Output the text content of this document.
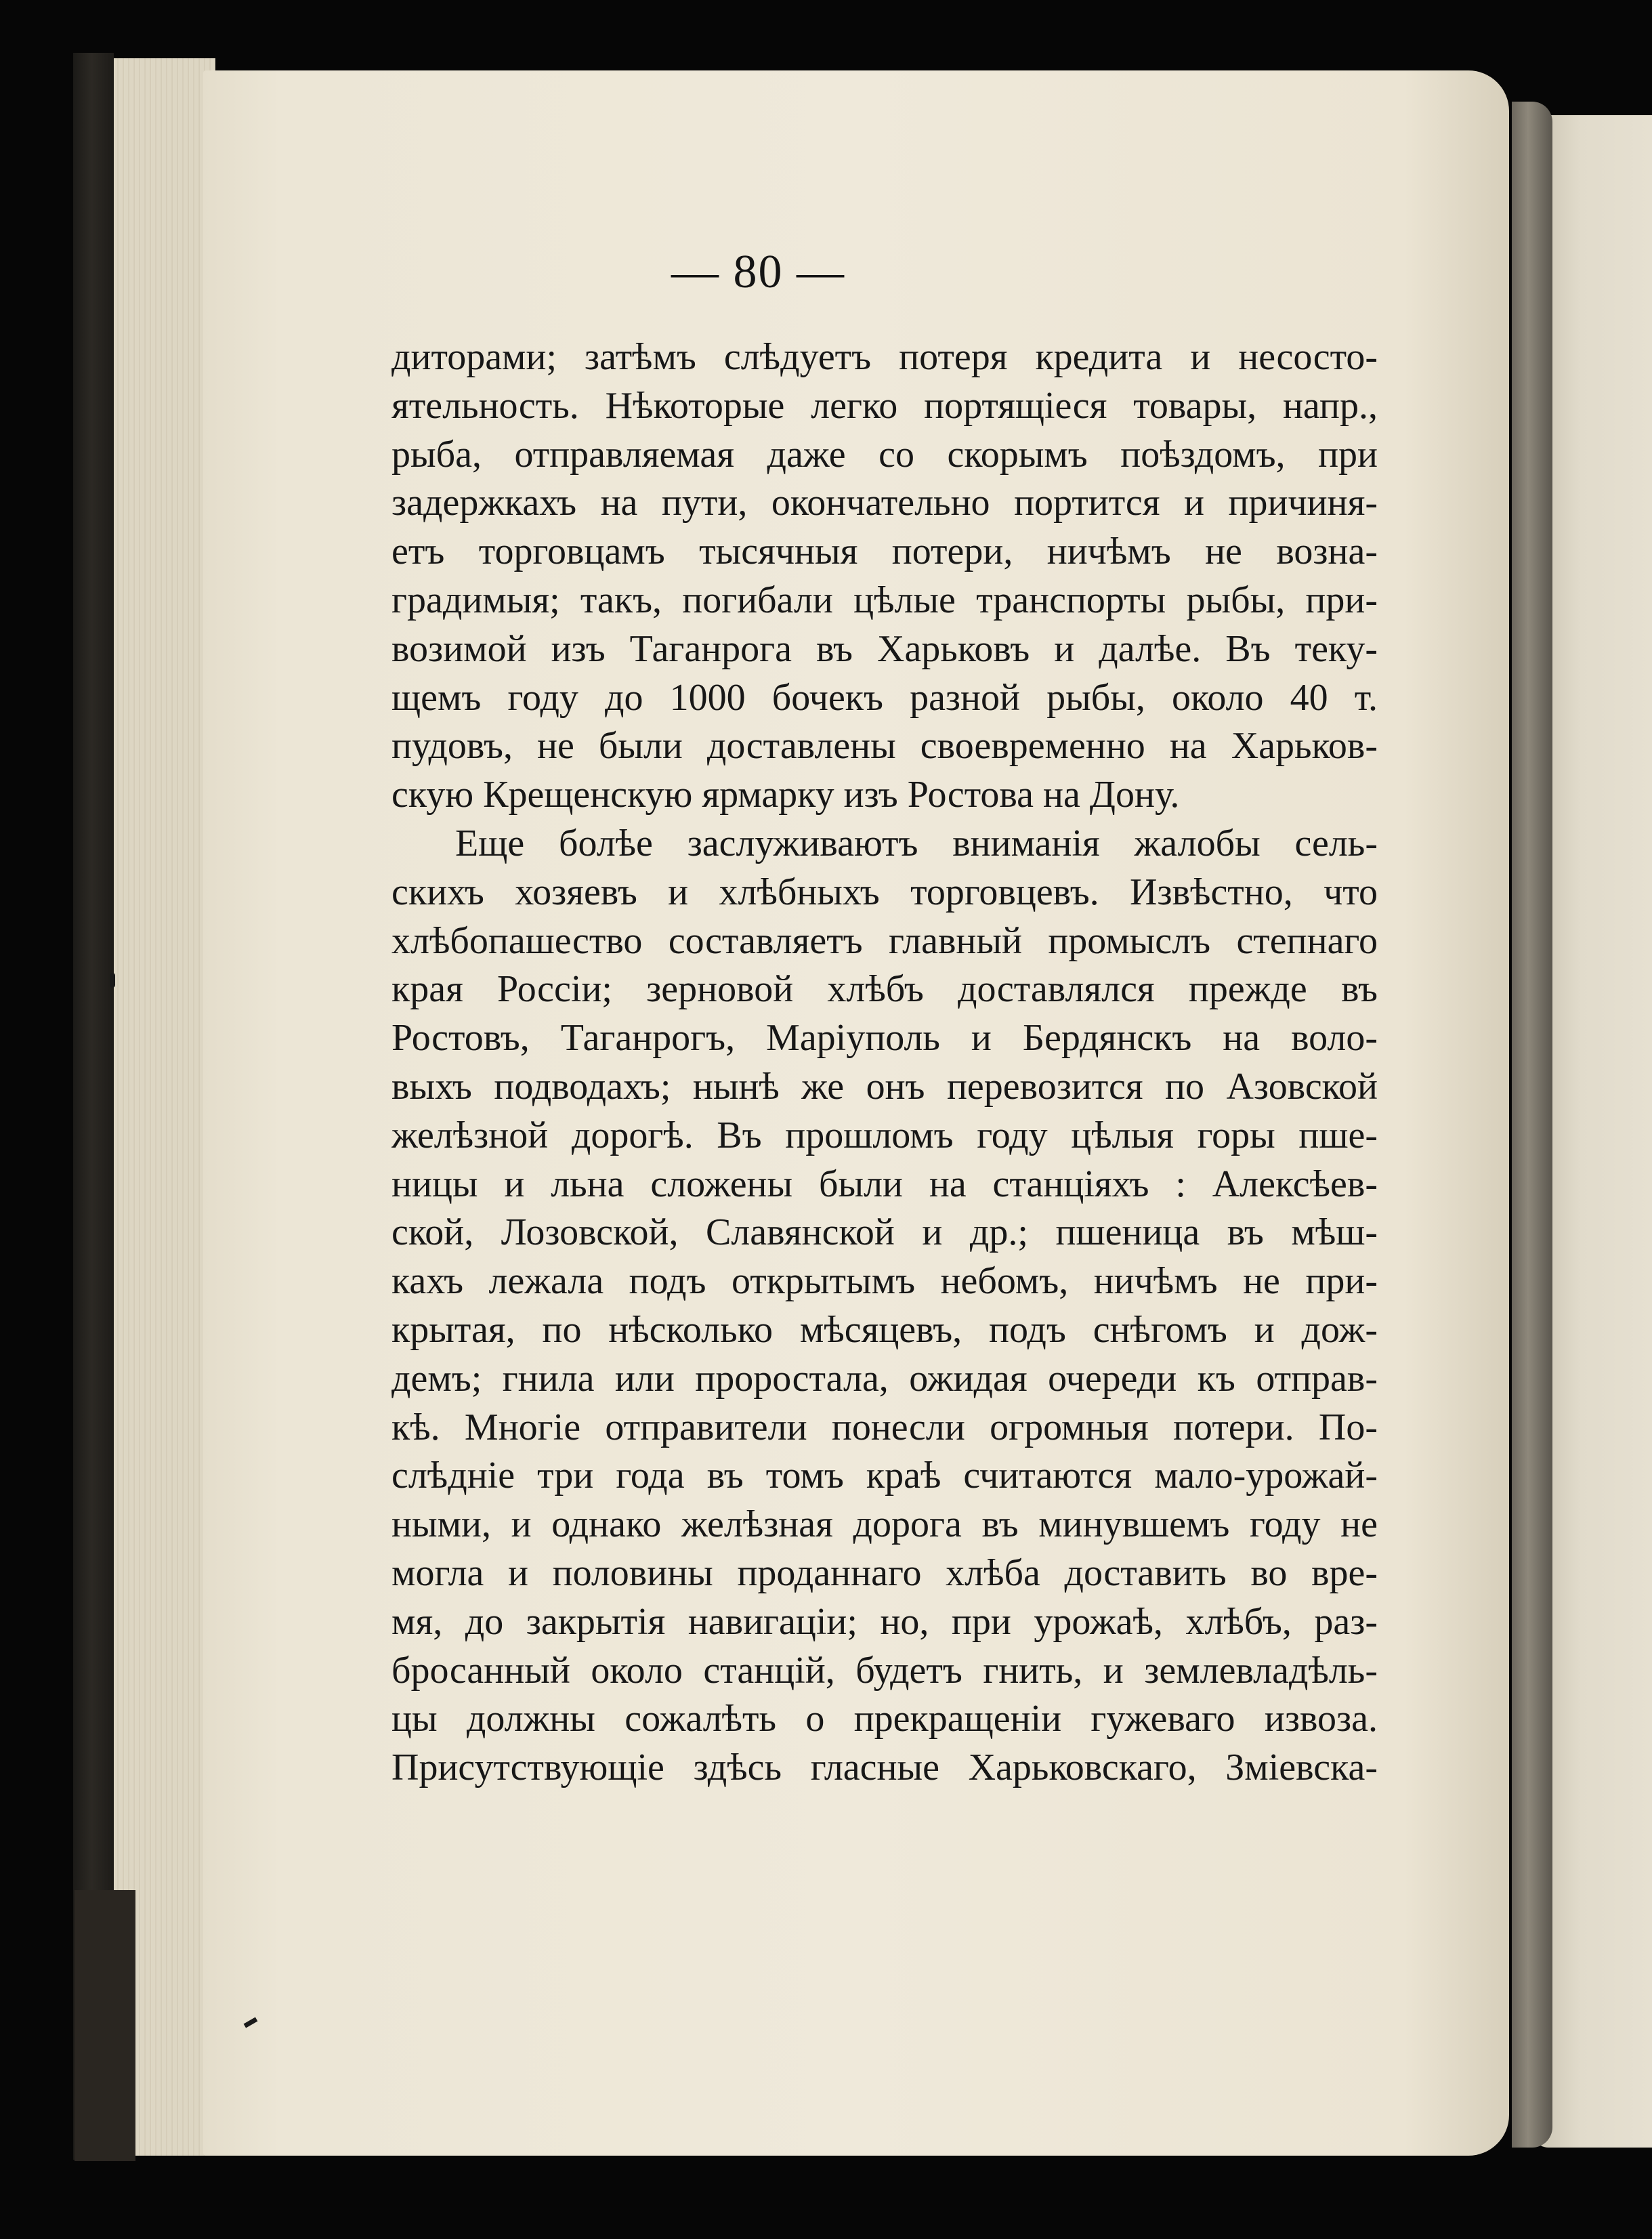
— 80 —
диторами; затѣмъ слѣдуетъ потеря кредита и несосто-
ятельность. Нѣкоторые легко портящіеся товары, напр.,
рыба, отправляемая даже со скорымъ поѣздомъ, при
задержкахъ на пути, окончательно портится и причиня-
етъ торговцамъ тысячныя потери, ничѣмъ не возна-
градимыя; такъ, погибали цѣлые транспорты рыбы, при-
возимой изъ Таганрога въ Харьковъ и далѣе. Въ теку-
щемъ году до 1000 бочекъ разной рыбы, около 40 т.
пудовъ, не были доставлены своевременно на Харьков-
скую Крещенскую ярмарку изъ Ростова на Дону.
Еще болѣе заслуживаютъ вниманія жалобы сель-
скихъ хозяевъ и хлѣбныхъ торговцевъ. Извѣстно, что
хлѣбопашество составляетъ главный промыслъ степнаго
края Россіи; зерновой хлѣбъ доставлялся прежде въ
Ростовъ, Таганрогъ, Маріуполь и Бердянскъ на воло-
выхъ подводахъ; нынѣ же онъ перевозится по Азовской
желѣзной дорогѣ. Въ прошломъ году цѣлыя горы пше-
ницы и льна сложены были на станціяхъ : Алексѣев-
ской, Лозовской, Славянской и др.; пшеница въ мѣш-
кахъ лежала подъ открытымъ небомъ, ничѣмъ не при-
крытая, по нѣсколько мѣсяцевъ, подъ снѣгомъ и дож-
демъ; гнила или проростала, ожидая очереди къ отправ-
кѣ. Многіе отправители понесли огромныя потери. По-
слѣдніе три года въ томъ краѣ считаются мало-урожай-
ными, и однако желѣзная дорога въ минувшемъ году не
могла и половины проданнаго хлѣба доставить во вре-
мя, до закрытія навигаціи; но, при урожаѣ, хлѣбъ, раз-
бросанный около станцій, будетъ гнить, и землевладѣль-
цы должны сожалѣть о прекращеніи гужеваго извоза.
Присутствующіе здѣсь гласные Харьковскаго, Зміевска-
